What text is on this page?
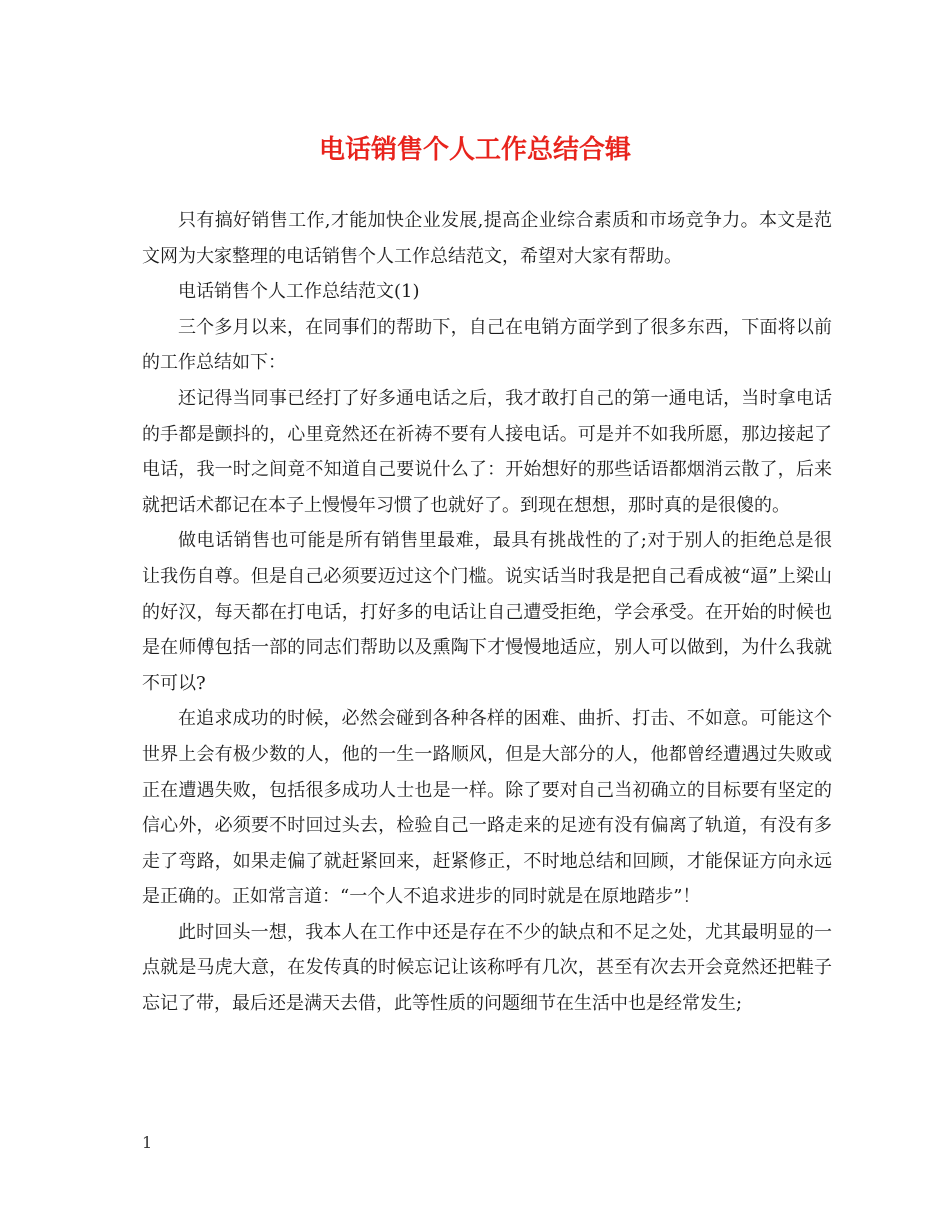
电话销售个人工作总结合辑

只有搞好销售工作,才能加快企业发展,提高企业综合素质和市场竞争力。本文是范文网为大家整理的电话销售个人工作总结范文，希望对大家有帮助。

电话销售个人工作总结范文(1)

三个多月以来，在同事们的帮助下，自己在电销方面学到了很多东西，下面将以前的工作总结如下：

还记得当同事已经打了好多通电话之后，我才敢打自己的第一通电话，当时拿电话的手都是颤抖的，心里竟然还在祈祷不要有人接电话。可是并不如我所愿，那边接起了电话，我一时之间竟不知道自己要说什么了：开始想好的那些话语都烟消云散了，后来就把话术都记在本子上慢慢年习惯了也就好了。到现在想想，那时真的是很傻的。

做电话销售也可能是所有销售里最难，最具有挑战性的了;对于别人的拒绝总是很让我伤自尊。但是自己必须要迈过这个门槛。说实话当时我是把自己看成被“逼”上梁山的好汉，每天都在打电话，打好多的电话让自己遭受拒绝，学会承受。在开始的时候也是在师傅包括一部的同志们帮助以及熏陶下才慢慢地适应，别人可以做到，为什么我就不可以?

在追求成功的时候，必然会碰到各种各样的困难、曲折、打击、不如意。可能这个世界上会有极少数的人，他的一生一路顺风，但是大部分的人，他都曾经遭遇过失败或正在遭遇失败，包括很多成功人士也是一样。除了要对自己当初确立的目标要有坚定的信心外，必须要不时回过头去，检验自己一路走来的足迹有没有偏离了轨道，有没有多走了弯路，如果走偏了就赶紧回来，赶紧修正，不时地总结和回顾，才能保证方向永远是正确的。正如常言道：“一个人不追求进步的同时就是在原地踏步”！

此时回头一想，我本人在工作中还是存在不少的缺点和不足之处，尤其最明显的一点就是马虎大意，在发传真的时候忘记让该称呼有几次，甚至有次去开会竟然还把鞋子忘记了带，最后还是满天去借，此等性质的问题细节在生活中也是经常发生;

1
